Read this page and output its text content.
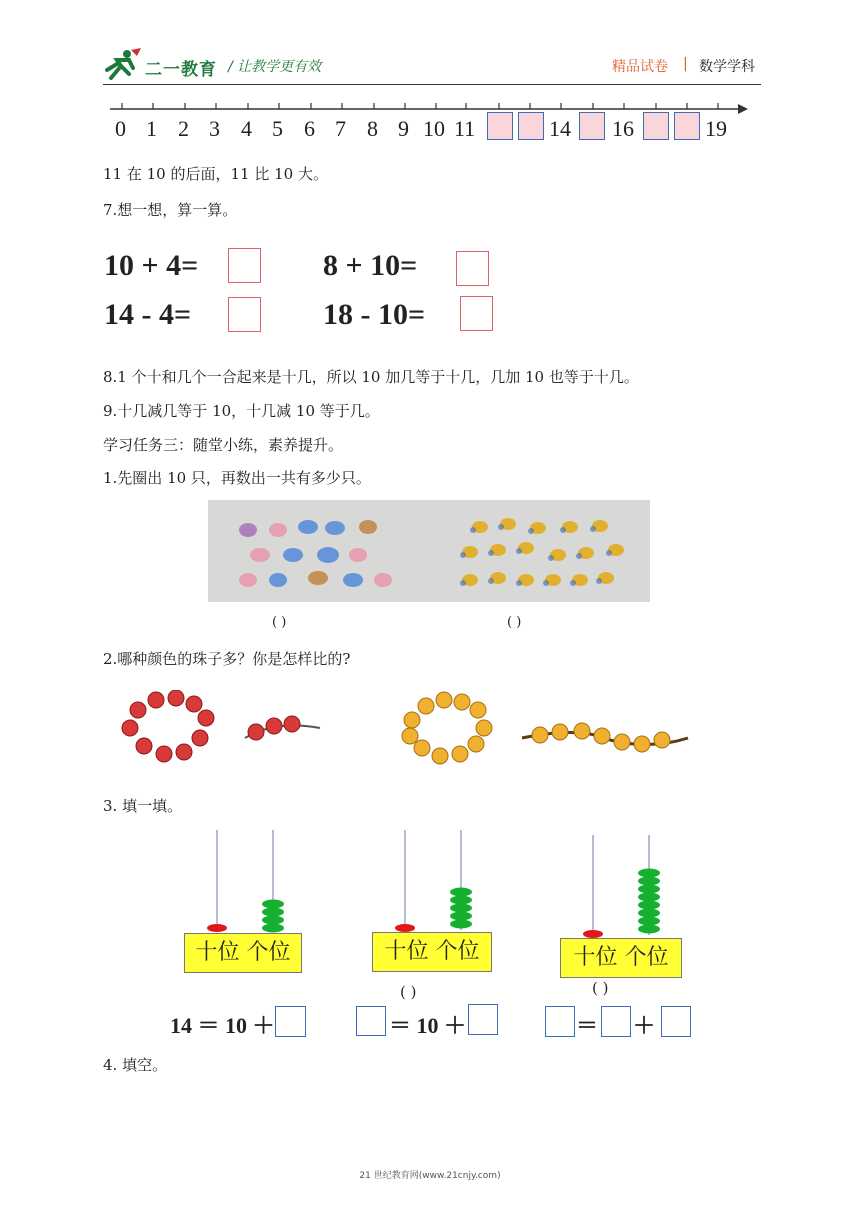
二一教育 / 让教学更有效	精品试卷 | 数学学科
0 1 2 3 4 5 6 7 8 9 10 11	14 16	19
11 在 10 的后面，11 比 10 大。
7.想一想，算一算。
10 + 4=	8 + 10=
14 - 4=	18 - 10=
8.1 个十和几个一合起来是十几，所以 10 加几等于十几，几加 10 也等于十几。
9.十几减几等于 10，十几减 10 等于几。
学习任务三：随堂小练，素养提升。
1.先圈出 10 只，再数出一共有多少只。
( )	( )
2.哪种颜色的珠子多？你是怎样比的?
3. 填一填。
十位 个位	十位 个位
( )
十位 个位
( )
14 ＝ 10 ＋	＝ 10 ＋	＝ ＋
4. 填空。
21 世纪教育网(www.21cnjy.com)
